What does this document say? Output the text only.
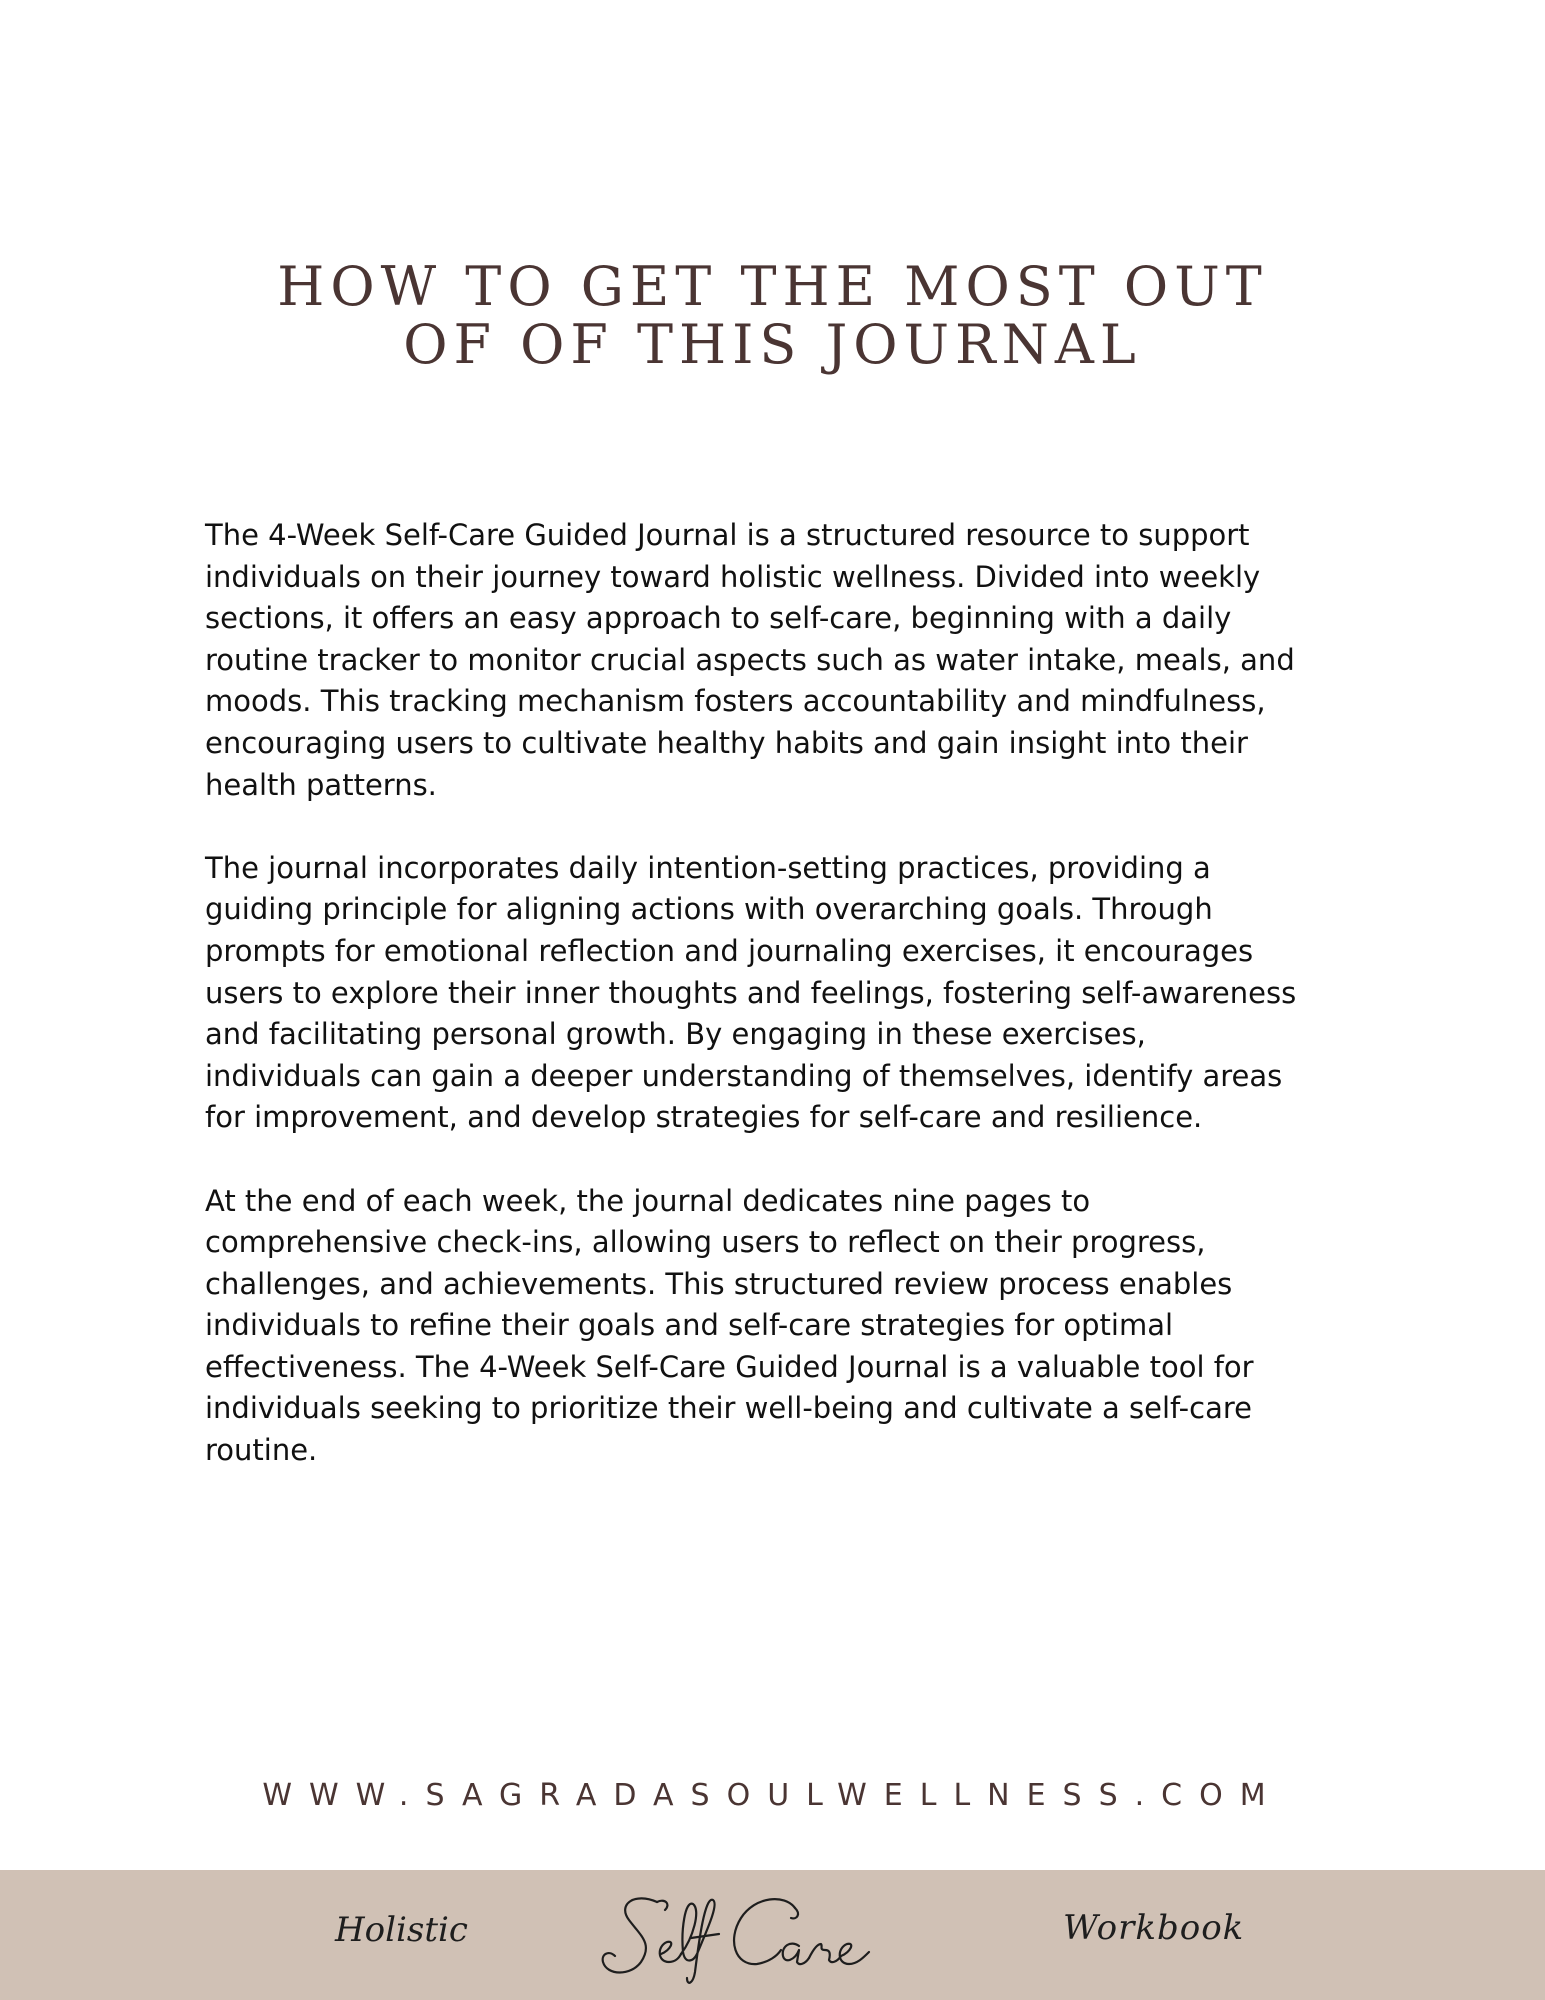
HOW TO GET THE MOST OUT
OF OF THIS JOURNAL

The 4-Week Self-Care Guided Journal is a structured resource to support
individuals on their journey toward holistic wellness. Divided into weekly
sections, it offers an easy approach to self-care, beginning with a daily
routine tracker to monitor crucial aspects such as water intake, meals, and
moods. This tracking mechanism fosters accountability and mindfulness,
encouraging users to cultivate healthy habits and gain insight into their
health patterns.

The journal incorporates daily intention-setting practices, providing a
guiding principle for aligning actions with overarching goals. Through
prompts for emotional reflection and journaling exercises, it encourages
users to explore their inner thoughts and feelings, fostering self-awareness
and facilitating personal growth. By engaging in these exercises,
individuals can gain a deeper understanding of themselves, identify areas
for improvement, and develop strategies for self-care and resilience.

At the end of each week, the journal dedicates nine pages to
comprehensive check-ins, allowing users to reflect on their progress,
challenges, and achievements. This structured review process enables
individuals to refine their goals and self-care strategies for optimal
effectiveness. The 4-Week Self-Care Guided Journal is a valuable tool for
individuals seeking to prioritize their well-being and cultivate a self-care
routine.

WWW.SAGRADASOULWELLNESS.COM
Holistic	Workbook
